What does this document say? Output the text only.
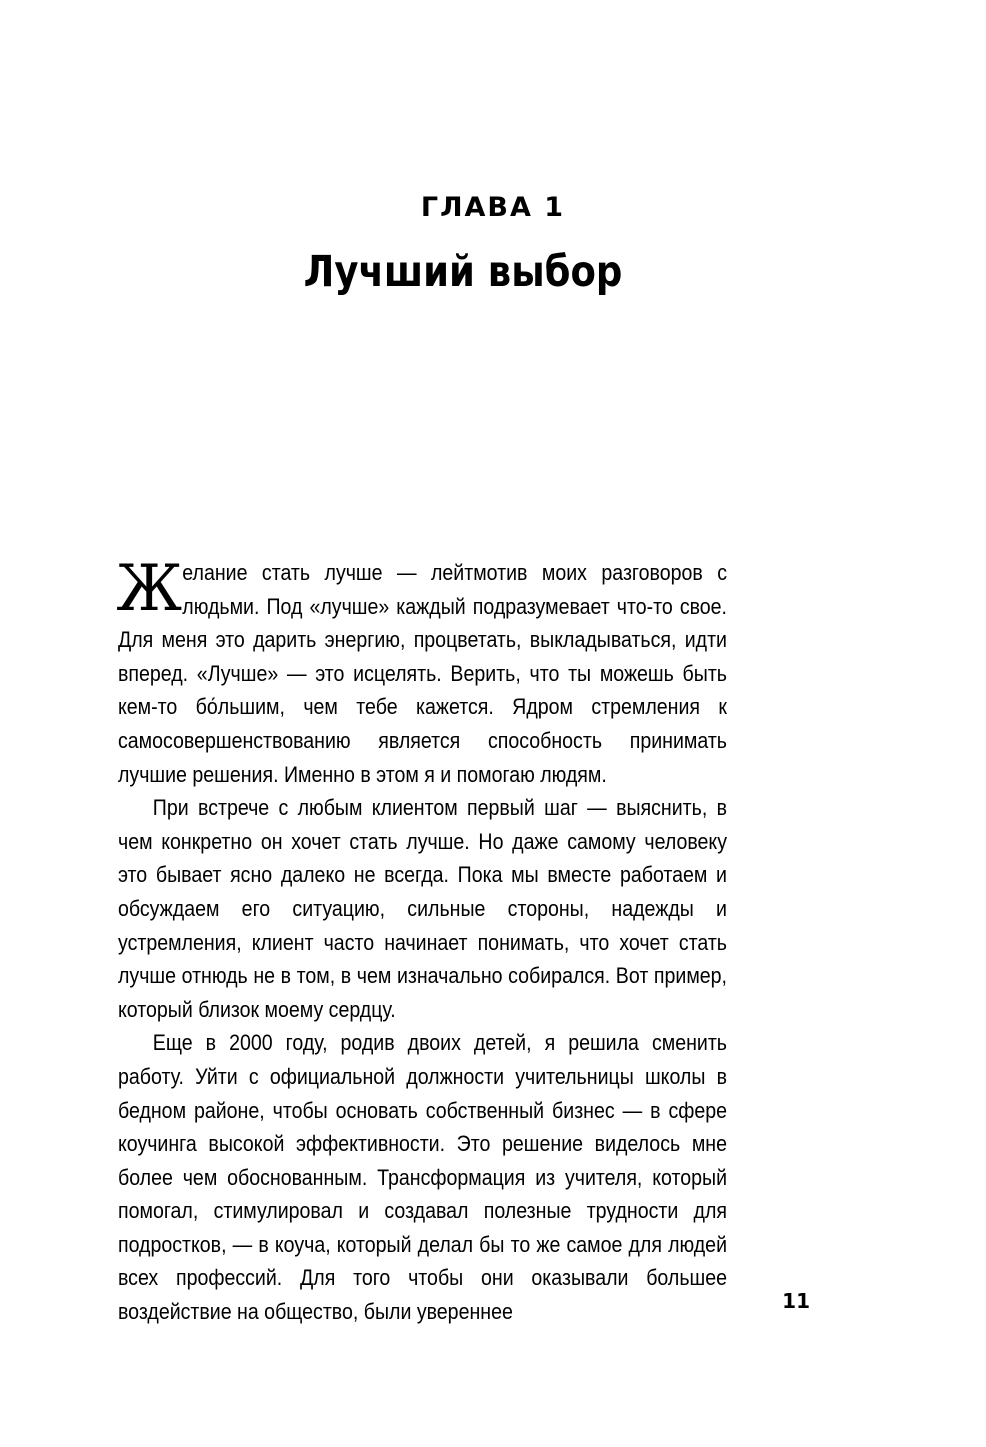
ГЛАВА 1
Лучший выбор

Желание стать лучше — лейтмотив моих разговоров с людьми. Под «лучше» каждый подразумевает что-то свое. Для меня это дарить энергию, процветать, выкладываться, идти вперед. «Лучше» — это исцелять. Верить, что ты можешь быть кем-то бо́льшим, чем тебе кажется. Ядром стремления к самосовершенствованию является способность принимать лучшие решения. Именно в этом я и помогаю людям.

При встрече с любым клиентом первый шаг — выяснить, в чем конкретно он хочет стать лучше. Но даже самому человеку это бывает ясно далеко не всегда. Пока мы вместе работаем и обсуждаем его ситуацию, сильные стороны, надежды и устремления, клиент часто начинает понимать, что хочет стать лучше отнюдь не в том, в чем изначально собирался. Вот пример, который близок моему сердцу.

Еще в 2000 году, родив двоих детей, я решила сменить работу. Уйти с официальной должности учительницы школы в бедном районе, чтобы основать собственный бизнес — в сфере коучинга высокой эффективности. Это решение виделось мне более чем обоснованным. Трансформация из учителя, который помогал, стимулировал и создавал полезные трудности для подростков, — в коуча, который делал бы то же самое для людей всех профессий. Для того чтобы они оказывали большее воздействие на общество, были увереннее	11
